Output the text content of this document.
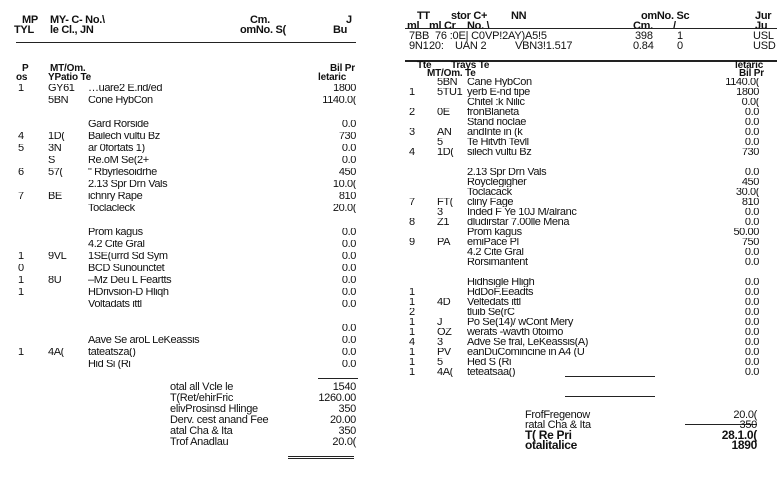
MP MY- C- No.\	Cm.	J
TYL le Cl., JN	omNo. S(	Bu
P MT/Om.	Bil Pr
os YPatio Te	letaric
1 GY61 …uare2 E.rid/ed	1800
5BN Cone HybCon	1140.0(
Gard Rorside	0.0
4 1D( Bailech vultu Bz	730
5 3N ar 0fortats 1)	0.0
S	Re.oM Se(2+	0.0
6 57( " Rbyrlesoidrhe	450
2.13 Spr Drn Vals	10.0(
7 BE ichnry Rape	810
Toclacleck	20.0(
Prom kagus	0.0
4.2 Cite Gral	0.0
1 9VL 1SE(urrd Sd Sym	0.0
0	BCD Sunounctet	0.0
1 8U –Mz Deu L Feartts	0.0
1	HDrivsion-D Hliqh	0.0
Voltadats ittl	0.0
0.0
Aave Se aroL LeKeassis	0.0
1 4A( tateatsza()	0.0
Hid Si (Ri	0.0
otal all Vcle le	1540
T(Ret/ehirFric	1260.00
elivProsinsd Hlinge	350
Derv. cest anand Fee	20.00
atal Cha & Ita	350
Trof Anadlau	20.0(
TT stor C+ NN	omNo. Sc	Jur
ml ml Cr No. \	Cm. /	Ju
7BB 76 :0E| C0 VP!2AY)A5!5	398 1	USL
9N1 20: UAN 2	VBN3!1.517	0.84 0	USD
Tte Trays Te	letaric
MT/Om. Te	Bil Pr
5BN Cane HybCon	1140.0(
1 5TU1 yerb E-nd tipe	1800
Chitel :k Nilic	0.0(
2 0E fronBlaneta	0.0
Stand rioclae	0.0
3 AN andInte in (k	0.0
5 Te Hitvth Tevll	0.0
4 1D( silech vultu Bz	730
2.13 Spr Drn Vals	0.0
Royclegigher	450
Toclacack	30.0(
7 FT( cliny Fage	810
3 Inded F Ye 10J M/alranc	0.0
8 Z1 dludirstar 7.00lle Mena	0.0
Prom kagus	50.00
9 PA emiPace Pl	750
4.2 Cite Gral	0.0
Rorsimanfent	0.0
Hidhsigle Hligh	0.0
1	HdDoF.Eeadts	0.0
1 4D Veltedats ittl	0.0
2	tluib Se(rC	0.0
1 J Po Se(14)/ wCont Mery	0.0
1 OZ werats -wavth 0toimo	0.0
4 3 Adve Se fral, LeKeassis(A)	0.0
1 PV eanDuComincine in A4 (U	0.0
1 5 Hed S (Ri	0.0
1 4A( teteatsaa()	0.0
FrofFregenow	20.0(
ratal Cha & Ita	350
T( Re Pri	28.1.0(
otalitalice	1890
